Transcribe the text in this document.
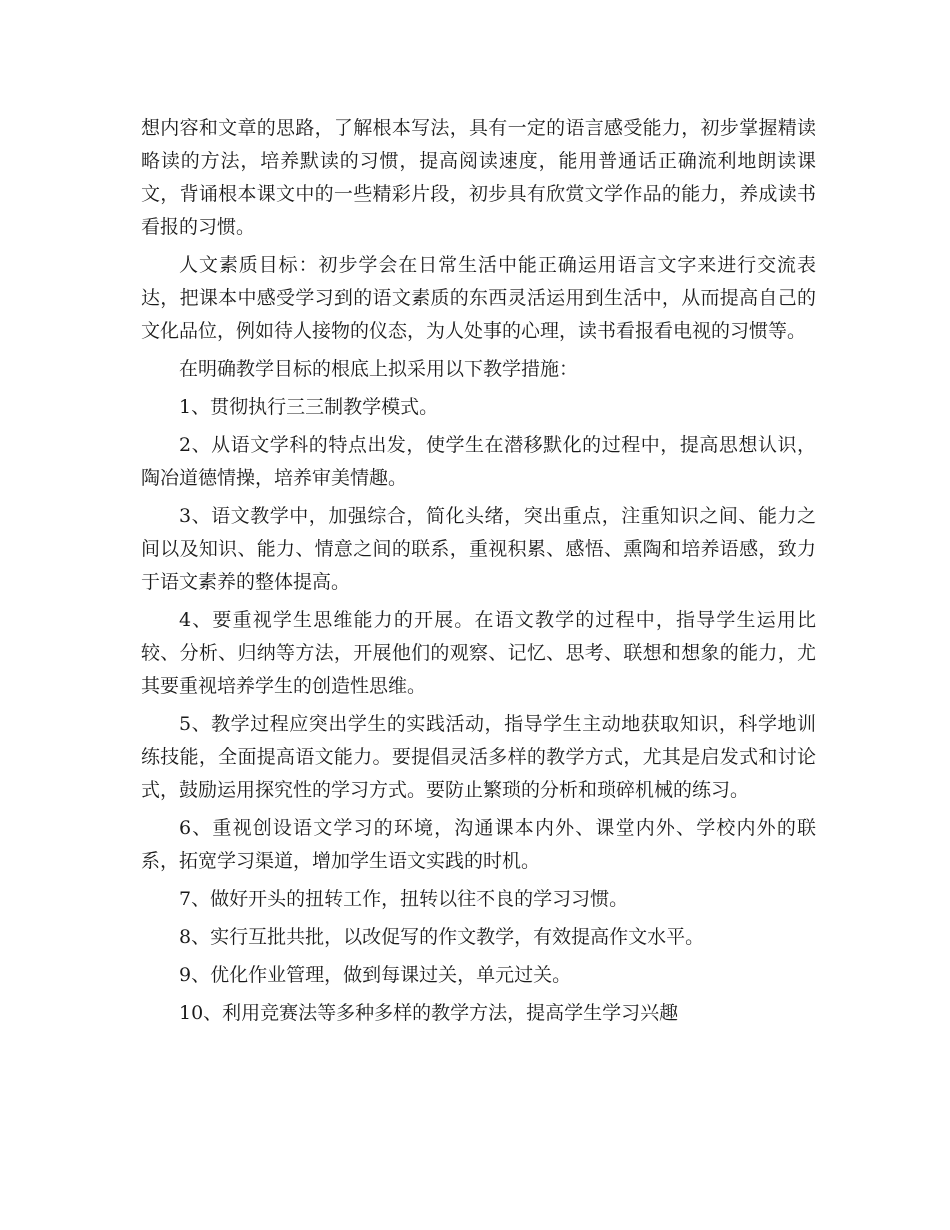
想内容和文章的思路，了解根本写法，具有一定的语言感受能力，初步掌握精读略读的方法，培养默读的习惯，提高阅读速度，能用普通话正确流利地朗读课文，背诵根本课文中的一些精彩片段，初步具有欣赏文学作品的能力，养成读书看报的习惯。

人文素质目标：初步学会在日常生活中能正确运用语言文字来进行交流表达，把课本中感受学习到的语文素质的东西灵活运用到生活中，从而提高自己的文化品位，例如待人接物的仪态，为人处事的心理，读书看报看电视的习惯等。

在明确教学目标的根底上拟采用以下教学措施：

1、贯彻执行三三制教学模式。

2、从语文学科的特点出发，使学生在潜移默化的过程中，提高思想认识，陶冶道德情操，培养审美情趣。

3、语文教学中，加强综合，简化头绪，突出重点，注重知识之间、能力之间以及知识、能力、情意之间的联系，重视积累、感悟、熏陶和培养语感，致力于语文素养的整体提高。

4、要重视学生思维能力的开展。在语文教学的过程中，指导学生运用比较、分析、归纳等方法，开展他们的观察、记忆、思考、联想和想象的能力，尤其要重视培养学生的创造性思维。

5、教学过程应突出学生的实践活动，指导学生主动地获取知识，科学地训练技能，全面提高语文能力。要提倡灵活多样的教学方式，尤其是启发式和讨论式，鼓励运用探究性的学习方式。要防止繁琐的分析和琐碎机械的练习。

6、重视创设语文学习的环境，沟通课本内外、课堂内外、学校内外的联系，拓宽学习渠道，增加学生语文实践的时机。

7、做好开头的扭转工作，扭转以往不良的学习习惯。

8、实行互批共批，以改促写的作文教学，有效提高作文水平。

9、优化作业管理，做到每课过关，单元过关。

10、利用竞赛法等多种多样的教学方法，提高学生学习兴趣
